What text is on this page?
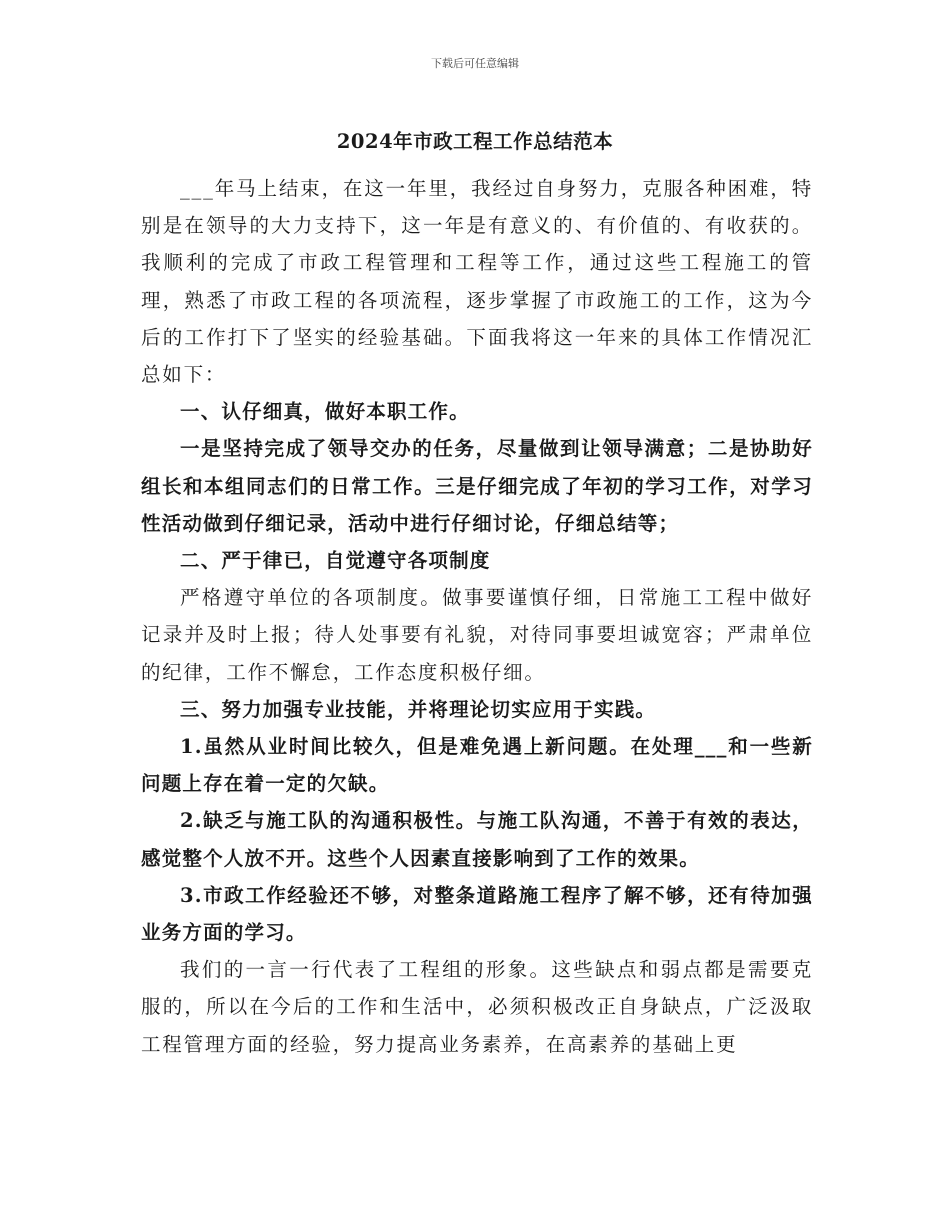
下载后可任意编辑
2024年市政工程工作总结范本

___年马上结束，在这一年里，我经过自身努力，克服各种困难，特别是在领导的大力支持下，这一年是有意义的、有价值的、有收获的。我顺利的完成了市政工程管理和工程等工作，通过这些工程施工的管理，熟悉了市政工程的各项流程，逐步掌握了市政施工的工作，这为今后的工作打下了坚实的经验基础。下面我将这一年来的具体工作情况汇总如下：

一、认仔细真，做好本职工作。

一是坚持完成了领导交办的任务，尽量做到让领导满意；二是协助好组长和本组同志们的日常工作。三是仔细完成了年初的学习工作，对学习性活动做到仔细记录，活动中进行仔细讨论，仔细总结等；

二、严于律已，自觉遵守各项制度

严格遵守单位的各项制度。做事要谨慎仔细，日常施工工程中做好记录并及时上报；待人处事要有礼貌，对待同事要坦诚宽容；严肃单位的纪律，工作不懈怠，工作态度积极仔细。

三、努力加强专业技能，并将理论切实应用于实践。

1.虽然从业时间比较久，但是难免遇上新问题。在处理___和一些新问题上存在着一定的欠缺。

2.缺乏与施工队的沟通积极性。与施工队沟通，不善于有效的表达，感觉整个人放不开。这些个人因素直接影响到了工作的效果。

3.市政工作经验还不够，对整条道路施工程序了解不够，还有待加强业务方面的学习。

我们的一言一行代表了工程组的形象。这些缺点和弱点都是需要克服的，所以在今后的工作和生活中，必须积极改正自身缺点，广泛汲取工程管理方面的经验，努力提高业务素养，在高素养的基础上更
